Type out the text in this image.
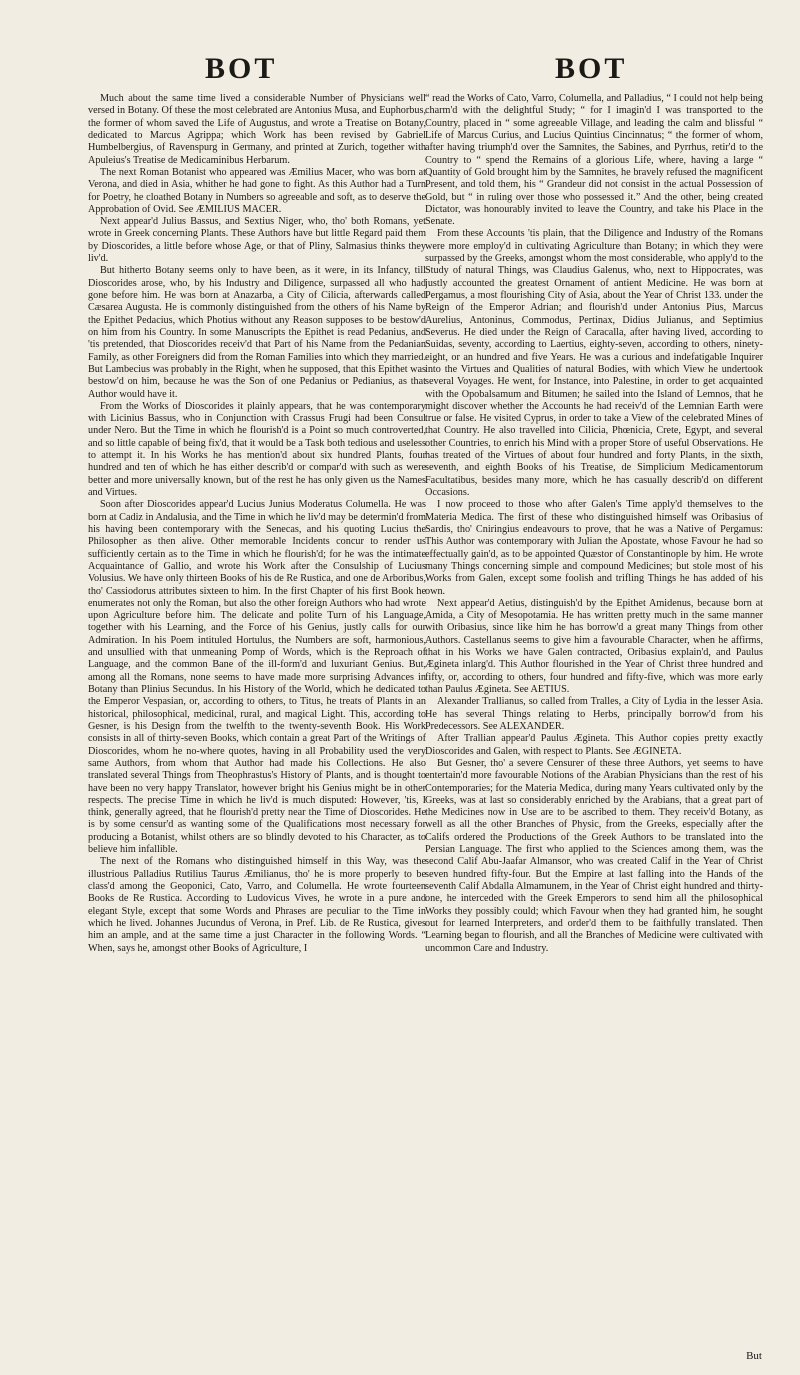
BOT	BOT

Much about the same time lived a considerable Number of Physicians well versed in Botany. Of these the most celebrated are Antonius Musa, and Euphorbus, the former of whom saved the Life of Augustus, and wrote a Treatise on Botany, dedicated to Marcus Agrippa; which Work has been revised by Gabriel Humbelbergius, of Ravenspurg in Germany, and printed at Zurich, together with Apuleius's Treatise de Medicaminibus Herbarum.

The next Roman Botanist who appeared was Æmilius Macer, who was born at Verona, and died in Asia, whither he had gone to fight. As this Author had a Turn for Poetry, he cloathed Botany in Numbers so agreeable and soft, as to deserve the Approbation of Ovid. See ÆMILIUS MACER.

Next appear'd Julius Bassus, and Sextius Niger, who, tho' both Romans, yet wrote in Greek concerning Plants. These Authors have but little Regard paid them by Dioscorides, a little before whose Age, or that of Pliny, Salmasius thinks they liv'd.

But hitherto Botany seems only to have been, as it were, in its Infancy, till Dioscorides arose, who, by his Industry and Diligence, surpassed all who had gone before him. He was born at Anazarba, a City of Cilicia, afterwards called Cæsarea Augusta. He is commonly distinguished from the others of his Name by the Epithet Pedacius, which Photius without any Reason supposes to be bestow'd on him from his Country. In some Manuscripts the Epithet is read Pedanius, and 'tis pretended, that Dioscorides receiv'd that Part of his Name from the Pedanian Family, as other Foreigners did from the Roman Families into which they married. But Lambecius was probably in the Right, when he supposed, that this Epithet was bestow'd on him, because he was the Son of one Pedanius or Pedianius, as that Author would have it.

From the Works of Dioscorides it plainly appears, that he was contemporary with Licinius Bassus, who in Conjunction with Crassus Frugi had been Consul under Nero. But the Time in which he flourish'd is a Point so much controverted, and so little capable of being fix'd, that it would be a Task both tedious and useless to attempt it. In his Works he has mention'd about six hundred Plants, four hundred and ten of which he has either describ'd or compar'd with such as were better and more universally known, but of the rest he has only given us the Names and Virtues.

Soon after Dioscorides appear'd Lucius Junius Moderatus Columella. He was born at Cadiz in Andalusia, and the Time in which he liv'd may be determin'd from his having been contemporary with the Senecas, and his quoting Lucius the Philosopher as then alive. Other memorable Incidents concur to render us sufficiently certain as to the Time in which he flourish'd; for he was the intimate Acquaintance of Gallio, and wrote his Work after the Consulship of Lucius Volusius. We have only thirteen Books of his de Re Rustica, and one de Arboribus, tho' Cassiodorus attributes sixteen to him. In the first Chapter of his first Book he enumerates not only the Roman, but also the other foreign Authors who had wrote upon Agriculture before him. The delicate and polite Turn of his Language, together with his Learning, and the Force of his Genius, justly calls for our Admiration. In his Poem intituled Hortulus, the Numbers are soft, harmonious, and unsullied with that unmeaning Pomp of Words, which is the Reproach of Language, and the common Bane of the ill-form'd and luxuriant Genius. But, among all the Romans, none seems to have made more surprising Advances in Botany than Plinius Secundus. In his History of the World, which he dedicated to the Emperor Vespasian, or, according to others, to Titus, he treats of Plants in an historical, philosophical, medicinal, rural, and magical Light. This, according to Gesner, is his Design from the twelfth to the twenty-seventh Book. His Work consists in all of thirty-seven Books, which contain a great Part of the Writings of Dioscorides, whom he no-where quotes, having in all Probability used the very same Authors, from whom that Author had made his Collections. He also translated several Things from Theophrastus's History of Plants, and is thought to have been no very happy Translator, however bright his Genius might be in other respects. The precise Time in which he liv'd is much disputed: However, 'tis, I think, generally agreed, that he flourish'd pretty near the Time of Dioscorides. He is by some censur'd as wanting some of the Qualifications most necessary for producing a Botanist, whilst others are so blindly devoted to his Character, as to believe him infallible.

The next of the Romans who distinguished himself in this Way, was the illustrious Palladius Rutilius Taurus Æmilianus, tho' he is more properly to be class'd among the Geoponici, Cato, Varro, and Columella. He wrote fourteen Books de Re Rustica. According to Ludovicus Vives, he wrote in a pure and elegant Style, except that some Words and Phrases are peculiar to the Time in which he lived. Johannes Jucundus of Verona, in Pref. Lib. de Re Rustica, gives him an ample, and at the same time a just Character in the following Words. “ When, says he, amongst other Books of Agriculture, I

“ read the Works of Cato, Varro, Columella, and Palladius, “ I could not help being charm'd with the delightful Study; “ for I imagin'd I was transported to the Country, placed in “ some agreeable Village, and leading the calm and blissful “ Life of Marcus Curius, and Lucius Quintius Cincinnatus; “ the former of whom, after having triumph'd over the Samnites, the Sabines, and Pyrrhus, retir'd to the Country to “ spend the Remains of a glorious Life, where, having a large “ Quantity of Gold brought him by the Samnites, he bravely refused the magnificent Present, and told them, his “ Grandeur did not consist in the actual Possession of Gold, but “ in ruling over those who possessed it.” And the other, being created Dictator, was honourably invited to leave the Country, and take his Place in the Senate.

From these Accounts 'tis plain, that the Diligence and Industry of the Romans were more employ'd in cultivating Agriculture than Botany; in which they were surpassed by the Greeks, amongst whom the most considerable, who apply'd to the Study of natural Things, was Claudius Galenus, who, next to Hippocrates, was justly accounted the greatest Ornament of antient Medicine. He was born at Pergamus, a most flourishing City of Asia, about the Year of Christ 133. under the Reign of the Emperor Adrian; and flourish'd under Antonius Pius, Marcus Aurelius, Antoninus, Commodus, Pertinax, Didius Julianus, and Septimius Severus. He died under the Reign of Caracalla, after having lived, according to Suidas, seventy, according to Laertius, eighty-seven, according to others, ninety-eight, or an hundred and five Years. He was a curious and indefatigable Inquirer into the Virtues and Qualities of natural Bodies, with which View he undertook several Voyages. He went, for Instance, into Palestine, in order to get acquainted with the Opobalsamum and Bitumen; he sailed into the Island of Lemnos, that he might discover whether the Accounts he had receiv'd of the Lemnian Earth were true or false. He visited Cyprus, in order to take a View of the celebrated Mines of that Country. He also travelled into Cilicia, Phœnicia, Crete, Egypt, and several other Countries, to enrich his Mind with a proper Store of useful Observations. He has treated of the Virtues of about four hundred and forty Plants, in the sixth, seventh, and eighth Books of his Treatise, de Simplicium Medicamentorum Facultatibus, besides many more, which he has casually describ'd on different Occasions.

I now proceed to those who after Galen's Time apply'd themselves to the Materia Medica. The first of these who distinguished himself was Oribasius of Sardis, tho' Cniringius endeavours to prove, that he was a Native of Pergamus: This Author was contemporary with Julian the Apostate, whose Favour he had so effectually gain'd, as to be appointed Quæstor of Constantinople by him. He wrote many Things concerning simple and compound Medicines; but stole most of his Works from Galen, except some foolish and trifling Things he has added of his own.

Next appear'd Aetius, distinguish'd by the Epithet Amidenus, because born at Amida, a City of Mesopotamia. He has written pretty much in the same manner with Oribasius, since like him he has borrow'd a great many Things from other Authors. Castellanus seems to give him a favourable Character, when he affirms, that in his Works we have Galen contracted, Oribasius explain'd, and Paulus Ægineta inlarg'd. This Author flourished in the Year of Christ three hundred and fifty, or, according to others, four hundred and fifty-five, which was more early than Paulus Ægineta. See AETIUS.

Alexander Trallianus, so called from Tralles, a City of Lydia in the lesser Asia. He has several Things relating to Herbs, principally borrow'd from his Predecessors. See ALEXANDER.

After Trallian appear'd Paulus Ægineta. This Author copies pretty exactly Dioscorides and Galen, with respect to Plants. See ÆGINETA.

But Gesner, tho' a severe Censurer of these three Authors, yet seems to have entertain'd more favourable Notions of the Arabian Physicians than the rest of his Contemporaries; for the Materia Medica, during many Years cultivated only by the Greeks, was at last so considerably enriched by the Arabians, that a great part of the Medicines now in Use are to be ascribed to them. They receiv'd Botany, as well as all the other Branches of Physic, from the Greeks, especially after the Califs ordered the Productions of the Greek Authors to be translated into the Persian Language. The first who applied to the Sciences among them, was the second Calif Abu-Jaafar Almansor, who was created Calif in the Year of Christ seven hundred fifty-four. But the Empire at last falling into the Hands of the seventh Calif Abdalla Almamunem, in the Year of Christ eight hundred and thirty-one, he interceded with the Greek Emperors to send him all the philosophical Works they possibly could; which Favour when they had granted him, he sought out for learned Interpreters, and order'd them to be faithfully translated. Then Learning began to flourish, and all the Branches of Medicine were cultivated with uncommon Care and Industry.

But
